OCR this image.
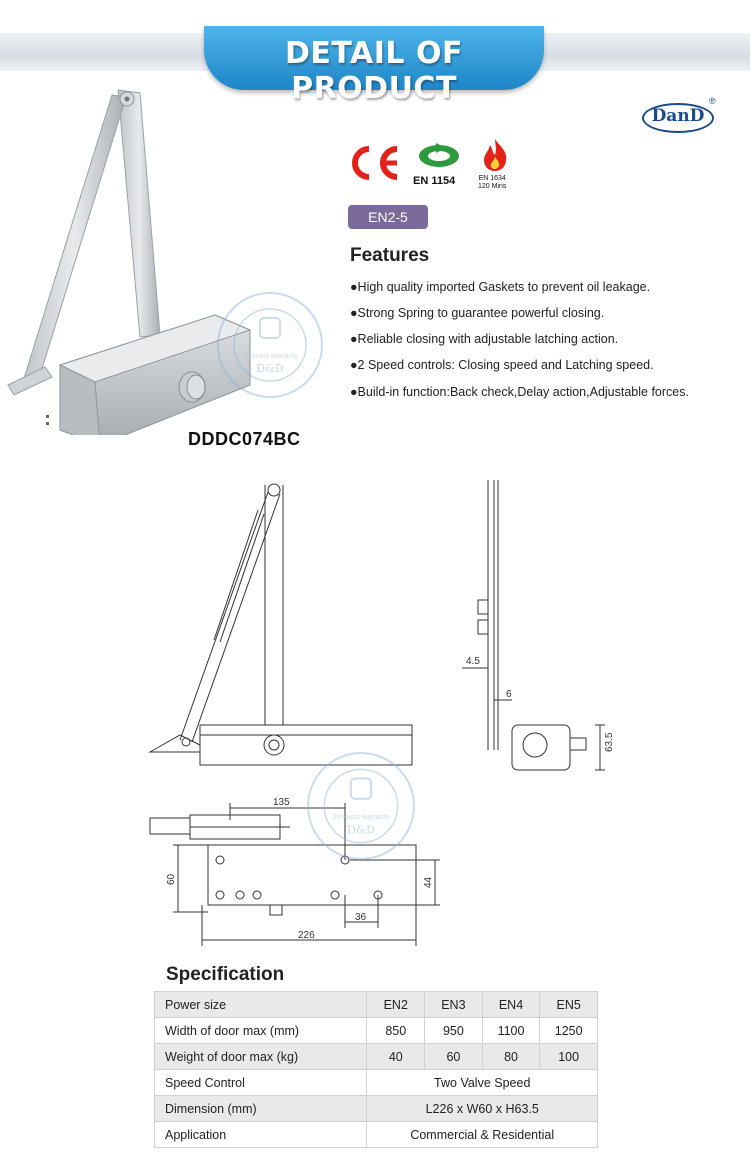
DETAIL OF PRODUCT
DanD
®
EN 1154	EN 1634
120 Mins
EN2-5
Features
●High quality imported Gaskets to prevent oil leakage.
●Strong Spring to guarantee powerful closing.
●Reliable closing with adjustable latching action.
●2 Speed controls: Closing speed and Latching speed.
●Build-in function:Back check,Delay action,Adjustable forces.
DDDC074BC
10 years warranty
D&D
4.5
6
63.5
135
60	44
36
226
10 years warranty
D&D
Specification
Power size	EN2	EN3	EN4	EN5
Width of door max (mm)	850	950	1100	1250
Weight of door max (kg)	40	60	80	100
Speed Control	Two Valve Speed			
Dimension (mm)	L226 x W60 x H63.5			
Application	Commercial & Residential			
